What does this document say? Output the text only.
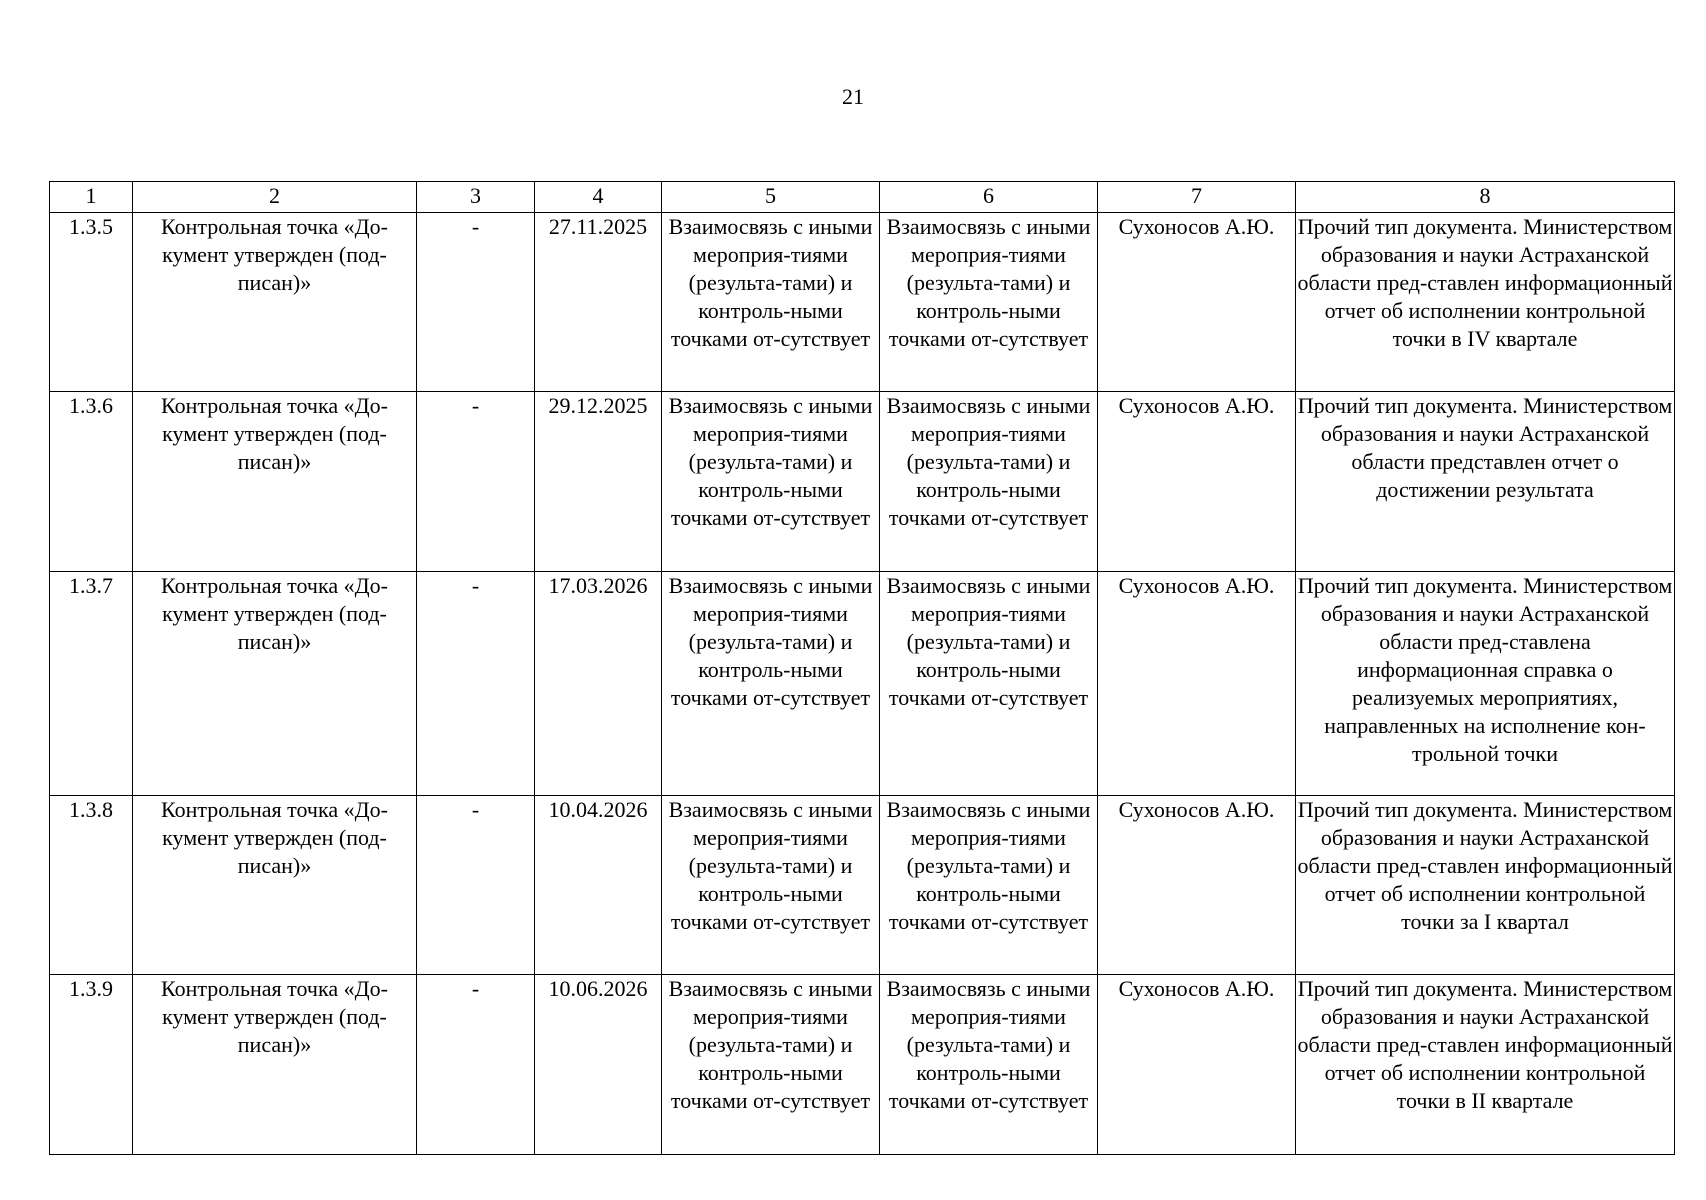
21
1	2	3	4	5	6	7	8
1.3.5	Контрольная точка «До-кумент утвержден (под-писан)»	-	27.11.2025	Взаимосвязь с иными мероприя-тиями (результа-тами) и контроль-ными точками от-сутствует	Взаимосвязь с иными мероприя-тиями (результа-тами) и контроль-ными точками от-сутствует	Сухоносов А.Ю.	Прочий тип документа. Министерством образования и науки Астраханской области пред-ставлен информационный отчет об исполнении контрольной точки в IV квартале
1.3.6	Контрольная точка «До-кумент утвержден (под-писан)»	-	29.12.2025	Взаимосвязь с иными мероприя-тиями (результа-тами) и контроль-ными точками от-сутствует	Взаимосвязь с иными мероприя-тиями (результа-тами) и контроль-ными точками от-сутствует	Сухоносов А.Ю.	Прочий тип документа. Министерством образования и науки Астраханской области представлен отчет о достижении результата
1.3.7	Контрольная точка «До-кумент утвержден (под-писан)»	-	17.03.2026	Взаимосвязь с иными мероприя-тиями (результа-тами) и контроль-ными точками от-сутствует	Взаимосвязь с иными мероприя-тиями (результа-тами) и контроль-ными точками от-сутствует	Сухоносов А.Ю.	Прочий тип документа. Министерством образования и науки Астраханской области пред-ставлена информационная справка о реализуемых мероприятиях, направленных на исполнение кон-трольной точки
1.3.8	Контрольная точка «До-кумент утвержден (под-писан)»	-	10.04.2026	Взаимосвязь с иными мероприя-тиями (результа-тами) и контроль-ными точками от-сутствует	Взаимосвязь с иными мероприя-тиями (результа-тами) и контроль-ными точками от-сутствует	Сухоносов А.Ю.	Прочий тип документа. Министерством образования и науки Астраханской области пред-ставлен информационный отчет об исполнении контрольной точки за I квартал
1.3.9	Контрольная точка «До-кумент утвержден (под-писан)»	-	10.06.2026	Взаимосвязь с иными мероприя-тиями (результа-тами) и контроль-ными точками от-сутствует	Взаимосвязь с иными мероприя-тиями (результа-тами) и контроль-ными точками от-сутствует	Сухоносов А.Ю.	Прочий тип документа. Министерством образования и науки Астраханской области пред-ставлен информационный отчет об исполнении контрольной точки в II квартале
